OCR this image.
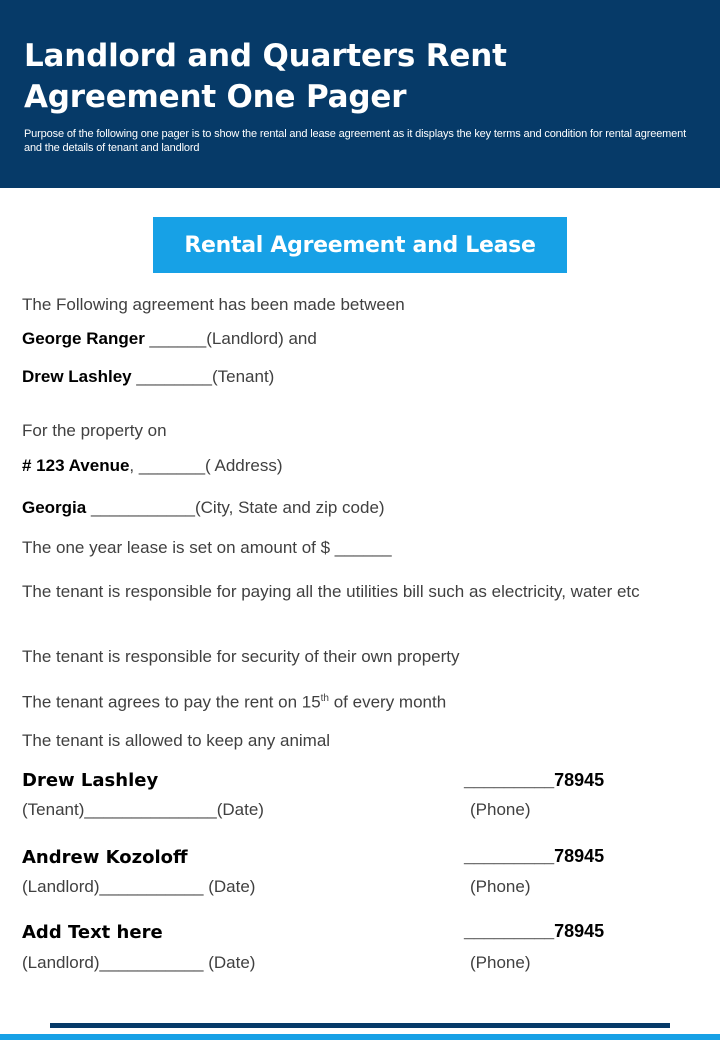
Landlord and Quarters Rent Agreement One Pager

Purpose of the following one pager is to show the rental and lease agreement as it displays the key terms and condition for rental agreement and the details of tenant and landlord

Rental Agreement and Lease

The Following agreement has been made between

George Ranger ______(Landlord) and

Drew Lashley ________(Tenant)

For the property on

# 123 Avenue, _______( Address)

Georgia ___________(City, State and zip code)

The one year lease is set on amount of $ ______

The tenant is responsible for paying all the utilities bill such as electricity, water etc

The tenant is responsible for security of their own property

The tenant agrees to pay the rent on 15th of every month

The tenant is allowed to keep any animal

Drew Lashley	_________78945
(Tenant)______________(Date)	(Phone)
Andrew Kozoloff	_________78945
(Landlord)___________ (Date)	(Phone)
Add Text here	_________78945
(Landlord)___________ (Date)	(Phone)
